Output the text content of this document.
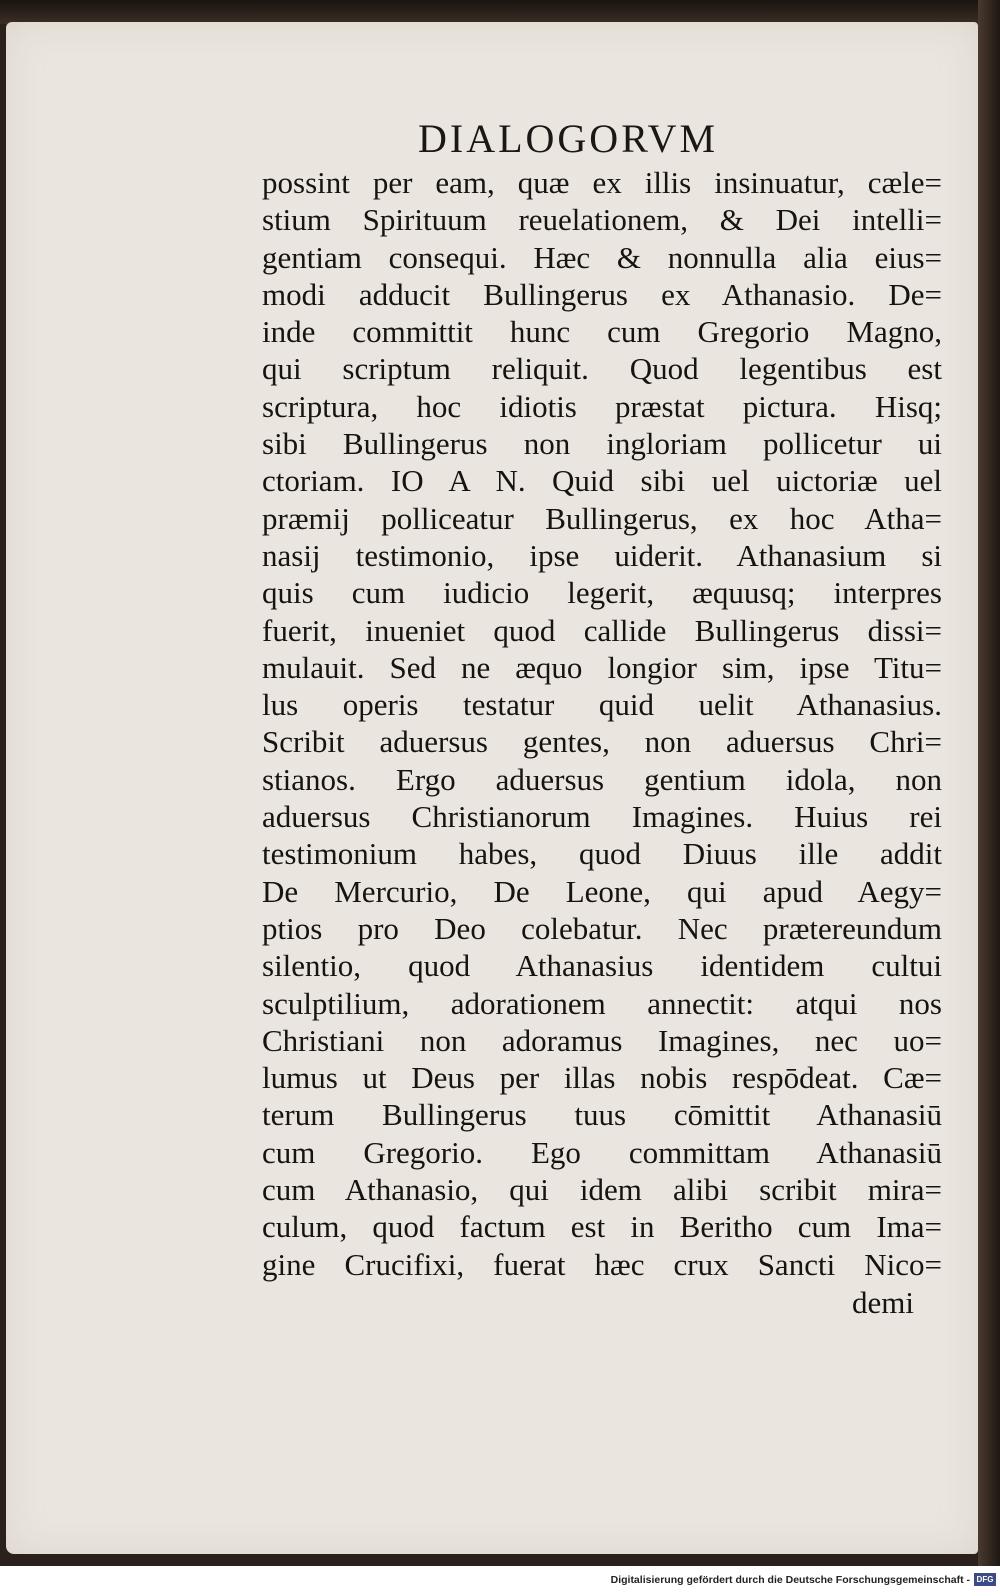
DIALOGORVM
possint per eam, quæ ex illis insinuatur, cæle=
stium Spirituum reuelationem, & Dei intelli=
gentiam consequi. Hæc & nonnulla alia eius=
modi adducit Bullingerus ex Athanasio. De=
inde committit hunc cum Gregorio Magno,
qui scriptum reliquit. Quod legentibus est
scriptura, hoc idiotis præstat pictura. Hisq;
sibi Bullingerus non ingloriam pollicetur ui
ctoriam. IO A N. Quid sibi uel uictoriæ uel
præmij polliceatur Bullingerus, ex hoc Atha=
nasij testimonio, ipse uiderit. Athanasium si
quis cum iudicio legerit, æquusq; interpres
fuerit, inueniet quod callide Bullingerus dissi=
mulauit. Sed ne æquo longior sim, ipse Titu=
lus operis testatur quid uelit Athanasius.
Scribit aduersus gentes, non aduersus Chri=
stianos. Ergo aduersus gentium idola, non
aduersus Christianorum Imagines. Huius rei
testimonium habes, quod Diuus ille addit
De Mercurio, De Leone, qui apud Aegy=
ptios pro Deo colebatur. Nec prætereundum
silentio, quod Athanasius identidem cultui
sculptilium, adorationem annectit: atqui nos
Christiani non adoramus Imagines, nec uo=
lumus ut Deus per illas nobis respōdeat. Cæ=
terum Bullingerus tuus cōmittit Athanasiū
cum Gregorio. Ego committam Athanasiū
cum Athanasio, qui idem alibi scribit mira=
culum, quod factum est in Beritho cum Ima=
gine Crucifixi, fuerat hæc crux Sancti Nico=
demi
Digitalisierung gefördert durch die Deutsche Forschungsgemeinschaft - DFG
